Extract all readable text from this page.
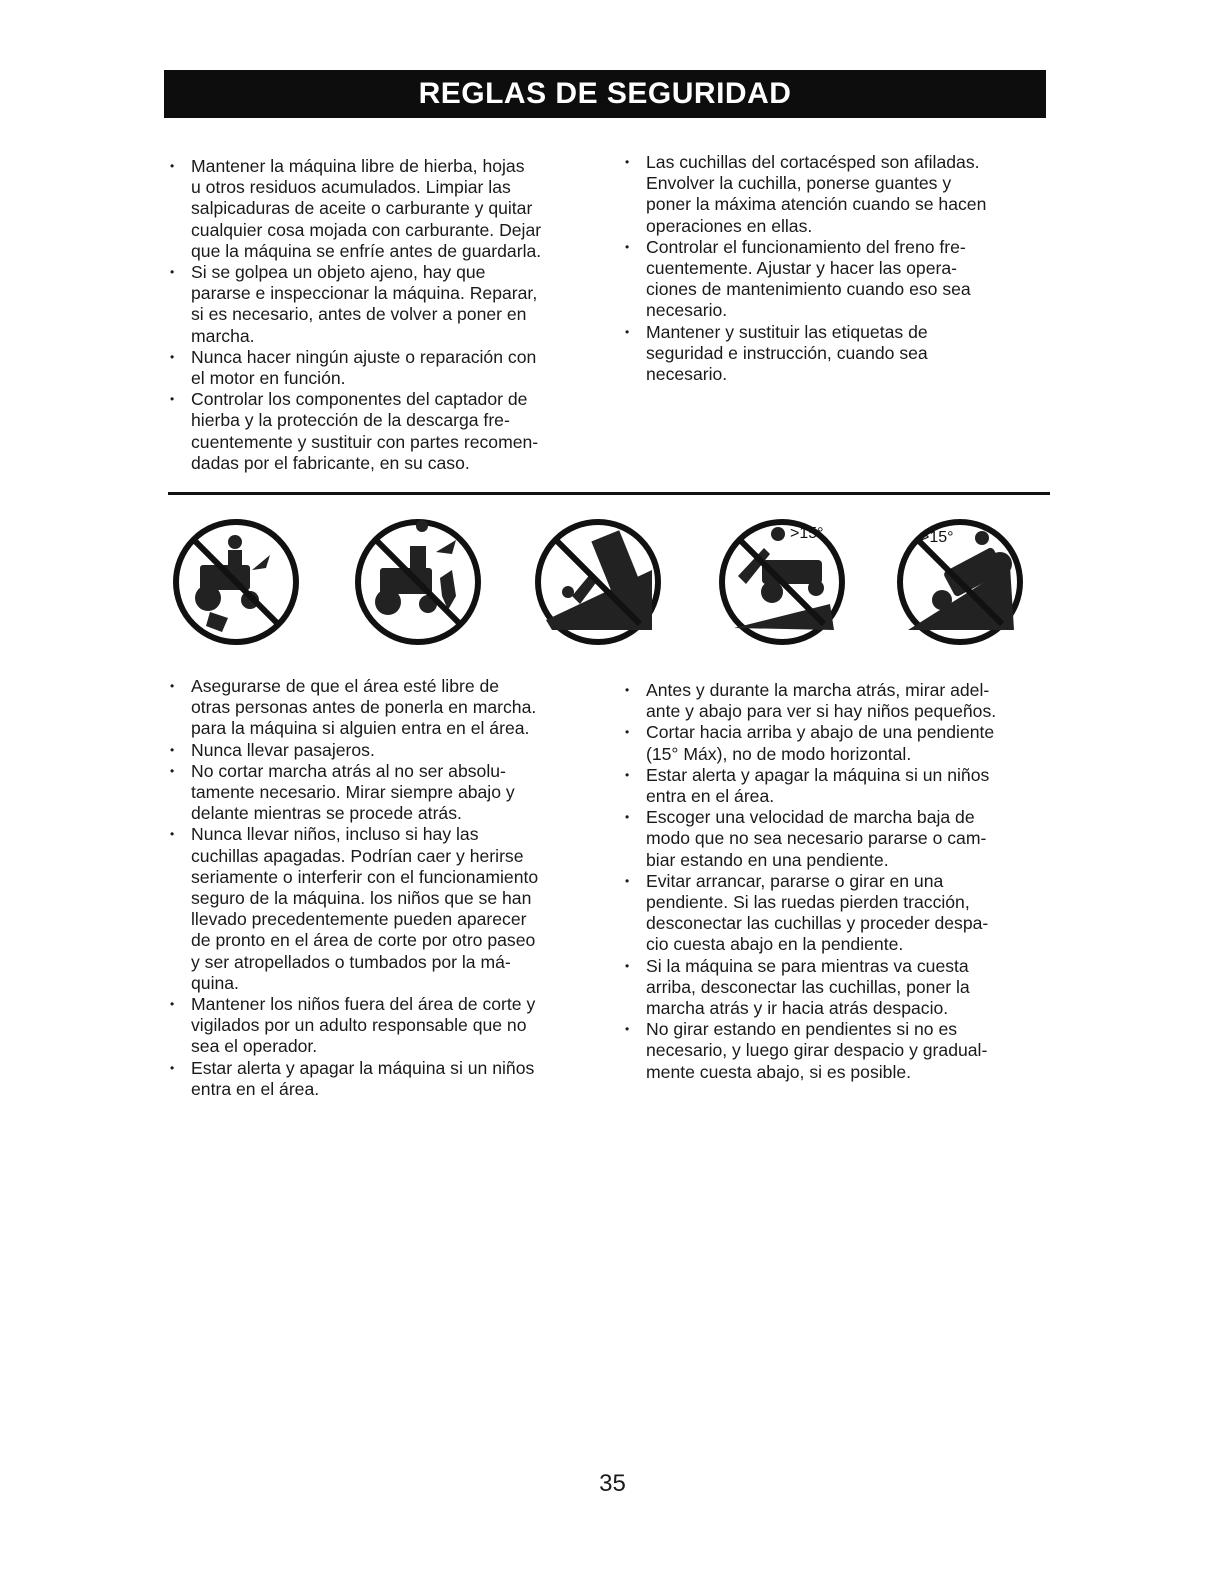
REGLAS DE SEGURIDAD
• Mantener la máquina libre de hierba, hojas
u otros residuos acumulados. Limpiar las
salpicaduras de aceite o carburante y quitar
cualquier cosa mojada con carburante. Dejar
que la máquina se enfríe antes de guardarla.
• Si se golpea un objeto ajeno, hay que
pararse e inspeccionar la máquina. Reparar,
si es necesario, antes de volver a poner en
marcha.
• Nunca hacer ningún ajuste o reparación con
el motor en función.
• Controlar los componentes del captador de
hierba y la protección de la descarga fre-
cuentemente y sustituir con partes recomen-
dadas por el fabricante, en su caso.
• Las cuchillas del cortacésped son afiladas.
Envolver la cuchilla, ponerse guantes y
poner la máxima atención cuando se hacen
operaciones en ellas.
• Controlar el funcionamiento del freno fre-
cuentemente. Ajustar y hacer las opera-
ciones de mantenimiento cuando eso sea
necesario.
• Mantener y sustituir las etiquetas de
seguridad e instrucción, cuando sea
necesario.
>15°	>15°
• Asegurarse de que el área esté libre de
otras personas antes de ponerla en marcha.
para la máquina si alguien entra en el área.
• Nunca llevar pasajeros.
• No cortar marcha atrás al no ser absolu-
tamente necesario. Mirar siempre abajo y
delante mientras se procede atrás.
• Nunca llevar niños, incluso si hay las
cuchillas apagadas. Podrían caer y herirse
seriamente o interferir con el funcionamiento
seguro de la máquina. los niños que se han
llevado precedentemente pueden aparecer
de pronto en el área de corte por otro paseo
y ser atropellados o tumbados por la má-
quina.
• Mantener los niños fuera del área de corte y
vigilados por un adulto responsable que no
sea el operador.
• Estar alerta y apagar la máquina si un niños
entra en el área.
• Antes y durante la marcha atrás, mirar adel-
ante y abajo para ver si hay niños pequeños.
• Cortar hacia arriba y abajo de una pendiente
(15° Máx), no de modo horizontal.
• Estar alerta y apagar la máquina si un niños
entra en el área.
• Escoger una velocidad de marcha baja de
modo que no sea necesario pararse o cam-
biar estando en una pendiente.
• Evitar arrancar, pararse o girar en una
pendiente. Si las ruedas pierden tracción,
desconectar las cuchillas y proceder despa-
cio cuesta abajo en la pendiente.
• Si la máquina se para mientras va cuesta
arriba, desconectar las cuchillas, poner la
marcha atrás y ir hacia atrás despacio.
• No girar estando en pendientes si no es
necesario, y luego girar despacio y gradual-
mente cuesta abajo, si es posible.
35
